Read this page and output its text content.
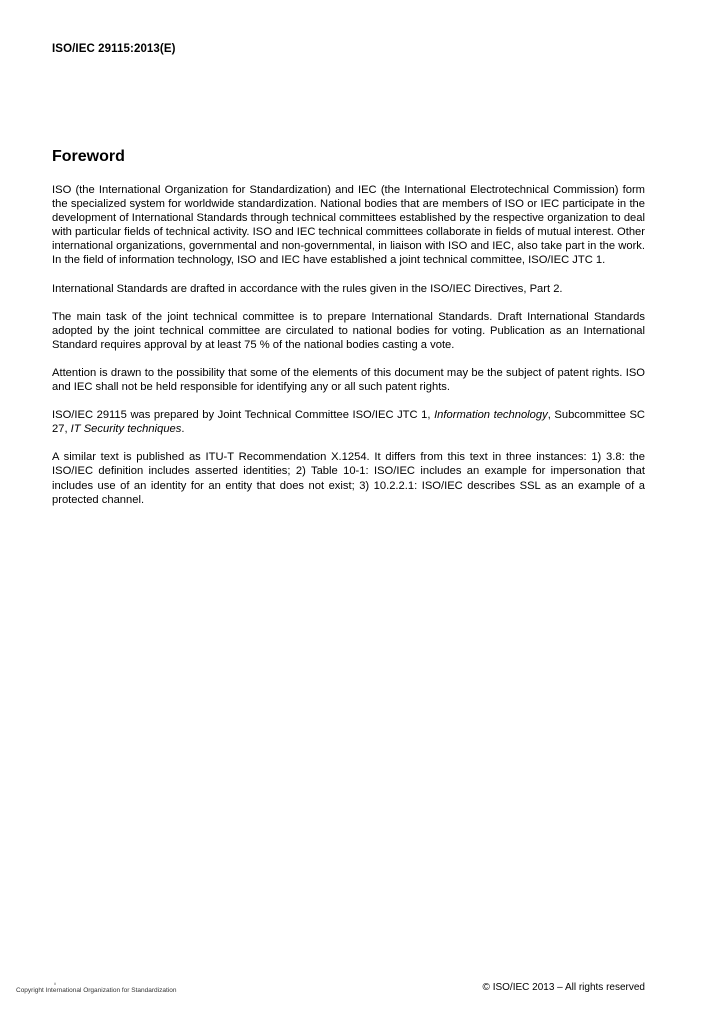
ISO/IEC 29115:2013(E)
Foreword

ISO (the International Organization for Standardization) and IEC (the International Electrotechnical Commission) form the specialized system for worldwide standardization. National bodies that are members of ISO or IEC participate in the development of International Standards through technical committees established by the respective organization to deal with particular fields of technical activity. ISO and IEC technical committees collaborate in fields of mutual interest. Other international organizations, governmental and non-governmental, in liaison with ISO and IEC, also take part in the work. In the field of information technology, ISO and IEC have established a joint technical committee, ISO/IEC JTC 1.

International Standards are drafted in accordance with the rules given in the ISO/IEC Directives, Part 2.

The main task of the joint technical committee is to prepare International Standards. Draft International Standards adopted by the joint technical committee are circulated to national bodies for voting. Publication as an International Standard requires approval by at least 75 % of the national bodies casting a vote.

Attention is drawn to the possibility that some of the elements of this document may be the subject of patent rights. ISO and IEC shall not be held responsible for identifying any or all such patent rights.

ISO/IEC 29115 was prepared by Joint Technical Committee ISO/IEC JTC 1, Information technology, Subcommittee SC 27, IT Security techniques.

A similar text is published as ITU-T Recommendation X.1254. It differs from this text in three instances: 1) 3.8: the ISO/IEC definition includes asserted identities; 2) Table 10-1: ISO/IEC includes an example for impersonation that includes use of an identity for an entity that does not exist; 3) 10.2.2.1: ISO/IEC describes SSL as an example of a protected channel.

ii
Copyright International Organization for Standardization	© ISO/IEC 2013 – All rights reserved
